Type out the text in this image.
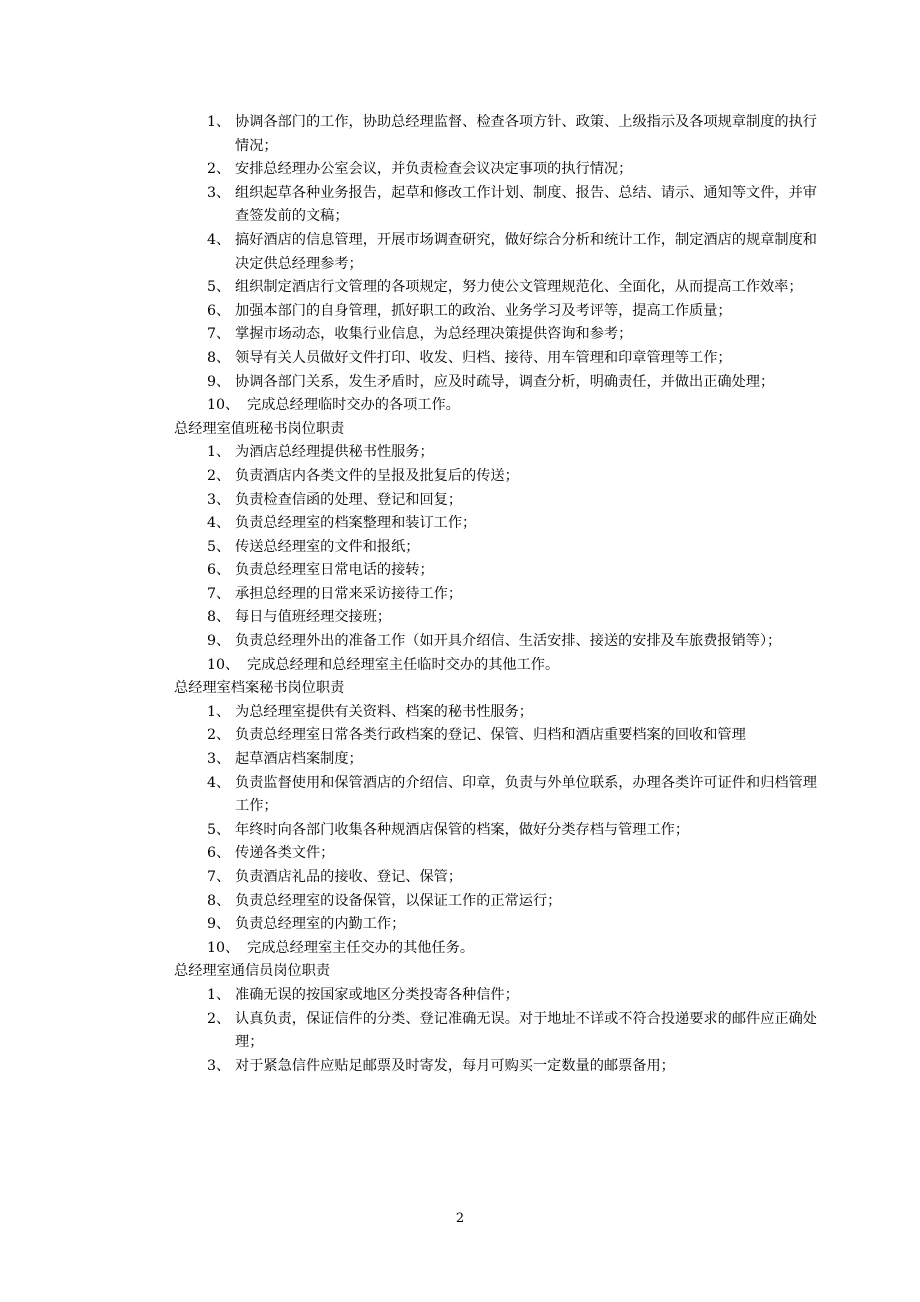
1、 协调各部门的工作，协助总经理监督、检查各项方针、政策、上级指示及各项规章制度的执行情况；
2、 安排总经理办公室会议，并负责检查会议决定事项的执行情况；
3、 组织起草各种业务报告，起草和修改工作计划、制度、报告、总结、请示、通知等文件，并审查签发前的文稿；
4、 搞好酒店的信息管理，开展市场调查研究，做好综合分析和统计工作，制定酒店的规章制度和决定供总经理参考；
5、 组织制定酒店行文管理的各项规定，努力使公文管理规范化、全面化，从而提高工作效率；
6、 加强本部门的自身管理，抓好职工的政治、业务学习及考评等，提高工作质量；
7、 掌握市场动态，收集行业信息，为总经理决策提供咨询和参考；
8、 领导有关人员做好文件打印、收发、归档、接待、用车管理和印章管理等工作；
9、 协调各部门关系，发生矛盾时，应及时疏导，调查分析，明确责任，并做出正确处理；
10、 完成总经理临时交办的各项工作。
总经理室值班秘书岗位职责
1、 为酒店总经理提供秘书性服务；
2、 负责酒店内各类文件的呈报及批复后的传送；
3、 负责检查信函的处理、登记和回复；
4、 负责总经理室的档案整理和装订工作；
5、 传送总经理室的文件和报纸；
6、 负责总经理室日常电话的接转；
7、 承担总经理的日常来采访接待工作；
8、 每日与值班经理交接班；
9、 负责总经理外出的准备工作（如开具介绍信、生活安排、接送的安排及车旅费报销等）；
10、 完成总经理和总经理室主任临时交办的其他工作。
总经理室档案秘书岗位职责
1、 为总经理室提供有关资料、档案的秘书性服务；
2、 负责总经理室日常各类行政档案的登记、保管、归档和酒店重要档案的回收和管理
3、 起草酒店档案制度；
4、 负责监督使用和保管酒店的介绍信、印章，负责与外单位联系，办理各类许可证件和归档管理工作；
5、 年终时向各部门收集各种规酒店保管的档案，做好分类存档与管理工作；
6、 传递各类文件；
7、 负责酒店礼品的接收、登记、保管；
8、 负责总经理室的设备保管，以保证工作的正常运行；
9、 负责总经理室的内勤工作；
10、 完成总经理室主任交办的其他任务。
总经理室通信员岗位职责
1、 准确无误的按国家或地区分类投寄各种信件；
2、 认真负责，保证信件的分类、登记准确无误。对于地址不详或不符合投递要求的邮件应正确处理；
3、 对于紧急信件应贴足邮票及时寄发，每月可购买一定数量的邮票备用；
2
